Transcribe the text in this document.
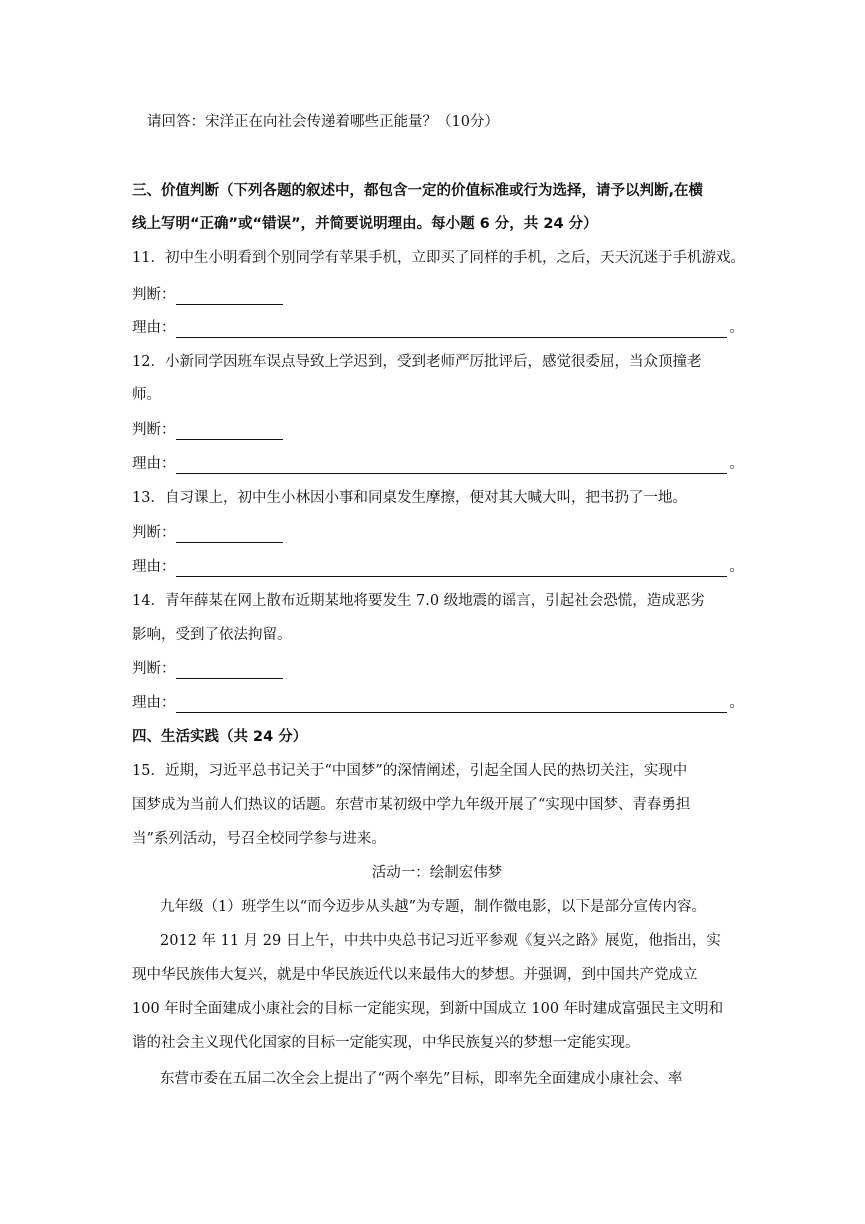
请回答：宋洋正在向社会传递着哪些正能量？（10分）
三、价值判断（下列各题的叙述中，都包含一定的价值标准或行为选择，请予以判断,在横
线上写明“正确”或“错误”，并简要说明理由。每小题 6 分，共 24 分）
11．初中生小明看到个别同学有苹果手机，立即买了同样的手机，之后，天天沉迷于手机游戏。
判断：
理由：	。
12．小新同学因班车误点导致上学迟到，受到老师严厉批评后，感觉很委屈，当众顶撞老
师。
判断：
理由：	。
13．自习课上，初中生小林因小事和同桌发生摩擦，便对其大喊大叫，把书扔了一地。
判断：
理由：	。
14．青年薛某在网上散布近期某地将要发生 7.0 级地震的谣言，引起社会恐慌，造成恶劣
影响，受到了依法拘留。
判断：
理由：	。
四、生活实践（共 24 分）
15．近期，习近平总书记关于“中国梦”的深情阐述，引起全国人民的热切关注，实现中
国梦成为当前人们热议的话题。东营市某初级中学九年级开展了“实现中国梦、青春勇担
当”系列活动，号召全校同学参与进来。
活动一：绘制宏伟梦
九年级（1）班学生以“而今迈步从头越”为专题，制作微电影，以下是部分宣传内容。
2012 年 11 月 29 日上午，中共中央总书记习近平参观《复兴之路》展览，他指出，实
现中华民族伟大复兴，就是中华民族近代以来最伟大的梦想。并强调，到中国共产党成立
100 年时全面建成小康社会的目标一定能实现，到新中国成立 100 年时建成富强民主文明和
谐的社会主义现代化国家的目标一定能实现，中华民族复兴的梦想一定能实现。
东营市委在五届二次全会上提出了“两个率先”目标，即率先全面建成小康社会、率
